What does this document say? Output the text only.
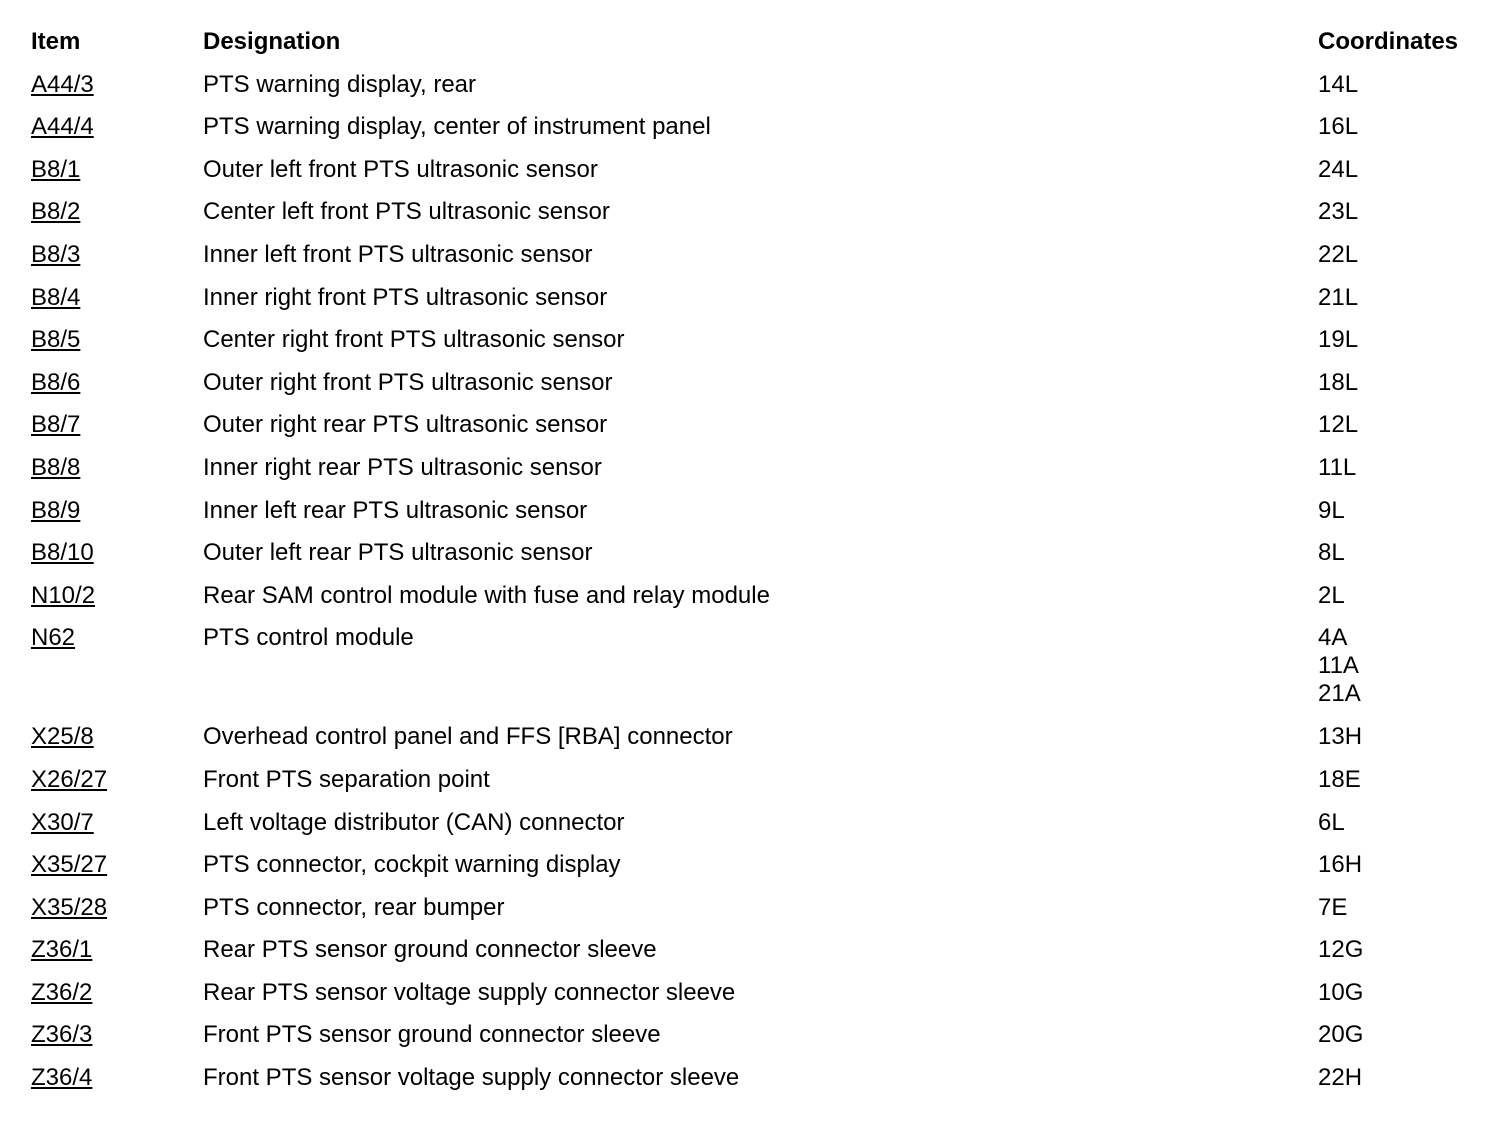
Item	Designation	Coordinates
A44/3	PTS warning display, rear	14L
A44/4	PTS warning display, center of instrument panel	16L
B8/1	Outer left front PTS ultrasonic sensor	24L
B8/2	Center left front PTS ultrasonic sensor	23L
B8/3	Inner left front PTS ultrasonic sensor	22L
B8/4	Inner right front PTS ultrasonic sensor	21L
B8/5	Center right front PTS ultrasonic sensor	19L
B8/6	Outer right front PTS ultrasonic sensor	18L
B8/7	Outer right rear PTS ultrasonic sensor	12L
B8/8	Inner right rear PTS ultrasonic sensor	11L
B8/9	Inner left rear PTS ultrasonic sensor	9L
B8/10	Outer left rear PTS ultrasonic sensor	8L
N10/2	Rear SAM control module with fuse and relay module	2L
N62	PTS control module	4A
11A
21A
X25/8	Overhead control panel and FFS [RBA] connector	13H
X26/27	Front PTS separation point	18E
X30/7	Left voltage distributor (CAN) connector	6L
X35/27	PTS connector, cockpit warning display	16H
X35/28	PTS connector, rear bumper	7E
Z36/1	Rear PTS sensor ground connector sleeve	12G
Z36/2	Rear PTS sensor voltage supply connector sleeve	10G
Z36/3	Front PTS sensor ground connector sleeve	20G
Z36/4	Front PTS sensor voltage supply connector sleeve	22H
